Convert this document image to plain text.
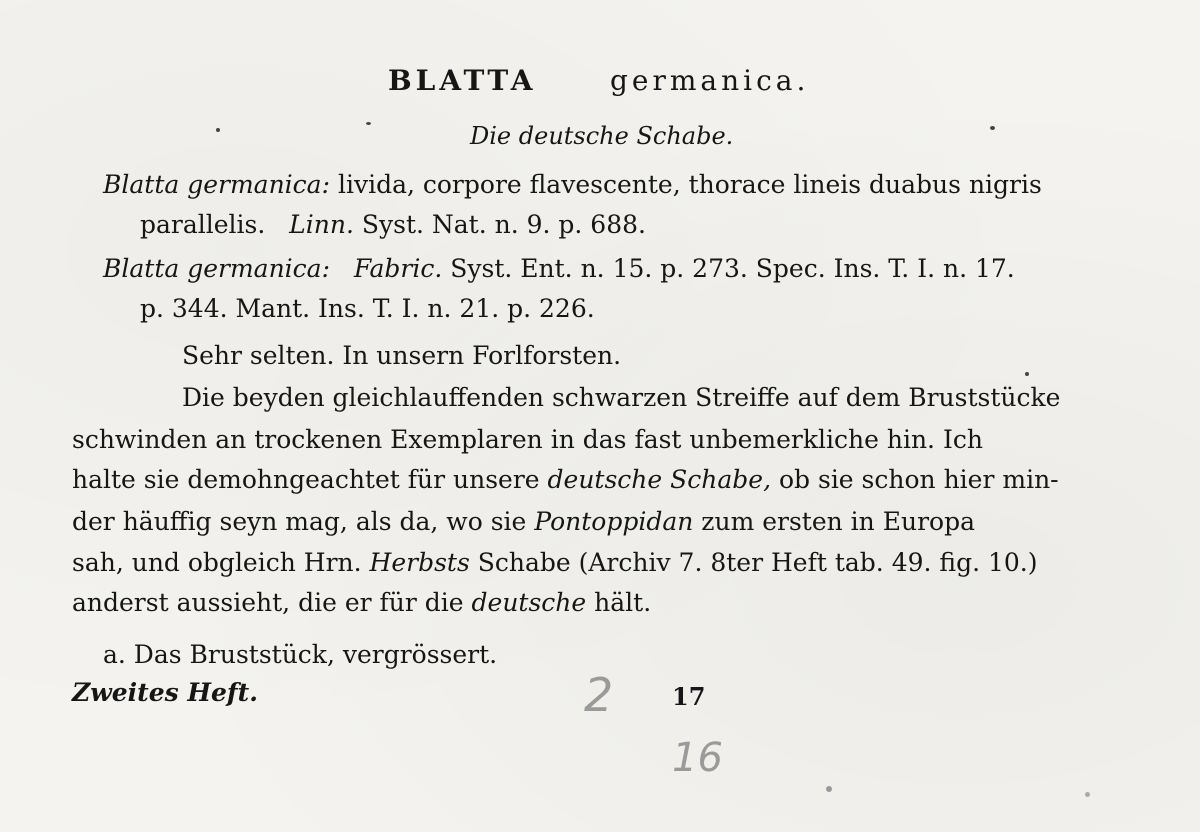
BLATTA	germanica.
Die deutsche Schabe.
Blatta germanica: livida, corpore flavescente, thorace lineis duabus nigris
parallelis. Linn. Syst. Nat. n. 9. p. 688.
Blatta germanica: Fabric. Syst. Ent. n. 15. p. 273. Spec. Ins. T. I. n. 17.
p. 344. Mant. Ins. T. I. n. 21. p. 226.
Sehr selten. In unsern Forlforsten.
Die beyden gleichlauffenden schwarzen Streiffe auf dem Bruststücke
schwinden an trockenen Exemplaren in das fast unbemerkliche hin. Ich
halte sie demohngeachtet für unsere deutsche Schabe, ob sie schon hier min-
der häuffig seyn mag, als da, wo sie Pontoppidan zum ersten in Europa
sah, und obgleich Hrn. Herbsts Schabe (Archiv 7. 8ter Heft tab. 49. fig. 10.)
anderst aussieht, die er für die deutsche hält.
a. Das Bruststück, vergrössert.
Zweites Heft.	2 17
16
